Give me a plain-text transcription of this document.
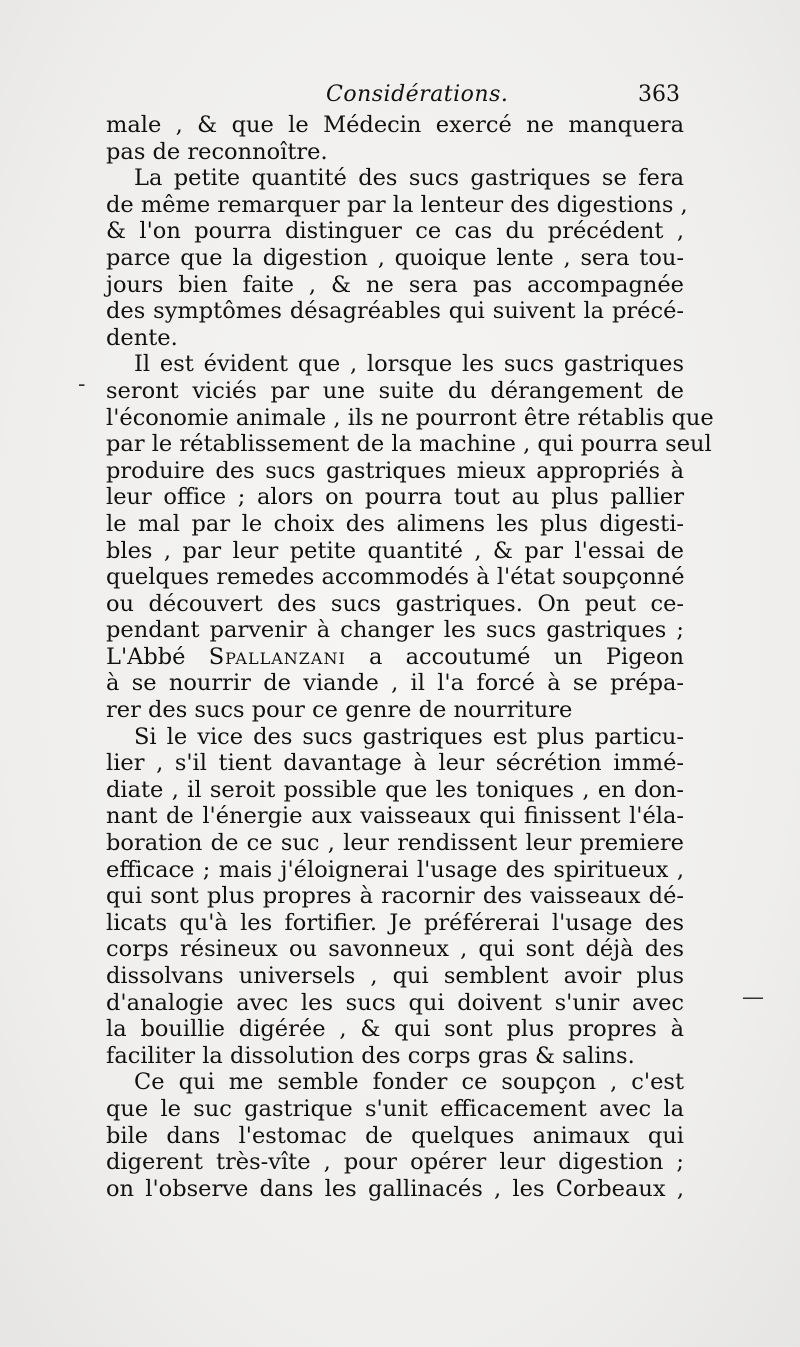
Considérations.	363
male , & que le Médecin exercé ne manquera
pas de reconnoître.
La petite quantité des sucs gastriques se fera
de même remarquer par la lenteur des digestions ,
& l'on pourra distinguer ce cas du précédent ,
parce que la digestion , quoique lente , sera tou-
jours bien faite , & ne sera pas accompagnée
des symptômes désagréables qui suivent la précé-
dente.
Il est évident que , lorsque les sucs gastriques
seront viciés par une suite du dérangement de
l'économie animale , ils ne pourront être rétablis que
par le rétablissement de la machine , qui pourra seul
produire des sucs gastriques mieux appropriés à
leur office ; alors on pourra tout au plus pallier
le mal par le choix des alimens les plus digesti-
bles , par leur petite quantité , & par l'essai de
quelques remedes accommodés à l'état soupçonné
ou découvert des sucs gastriques. On peut ce-
pendant parvenir à changer les sucs gastriques ;
L'Abbé Spallanzani a accoutumé un Pigeon
à se nourrir de viande , il l'a forcé à se prépa-
rer des sucs pour ce genre de nourriture
Si le vice des sucs gastriques est plus particu-
lier , s'il tient davantage à leur sécrétion immé-
diate , il seroit possible que les toniques , en don-
nant de l'énergie aux vaisseaux qui finissent l'éla-
boration de ce suc , leur rendissent leur premiere
efficace ; mais j'éloignerai l'usage des spiritueux ,
qui sont plus propres à racornir des vaisseaux dé-
licats qu'à les fortifier. Je préférerai l'usage des
corps résineux ou savonneux , qui sont déjà des
dissolvans universels , qui semblent avoir plus
d'analogie avec les sucs qui doivent s'unir avec
la bouillie digérée , & qui sont plus propres à
faciliter la dissolution des corps gras & salins.
Ce qui me semble fonder ce soupçon , c'est
que le suc gastrique s'unit efficacement avec la
bile dans l'estomac de quelques animaux qui
digerent très-vîte , pour opérer leur digestion ;
on l'observe dans les gallinacés , les Corbeaux ,
-
—
